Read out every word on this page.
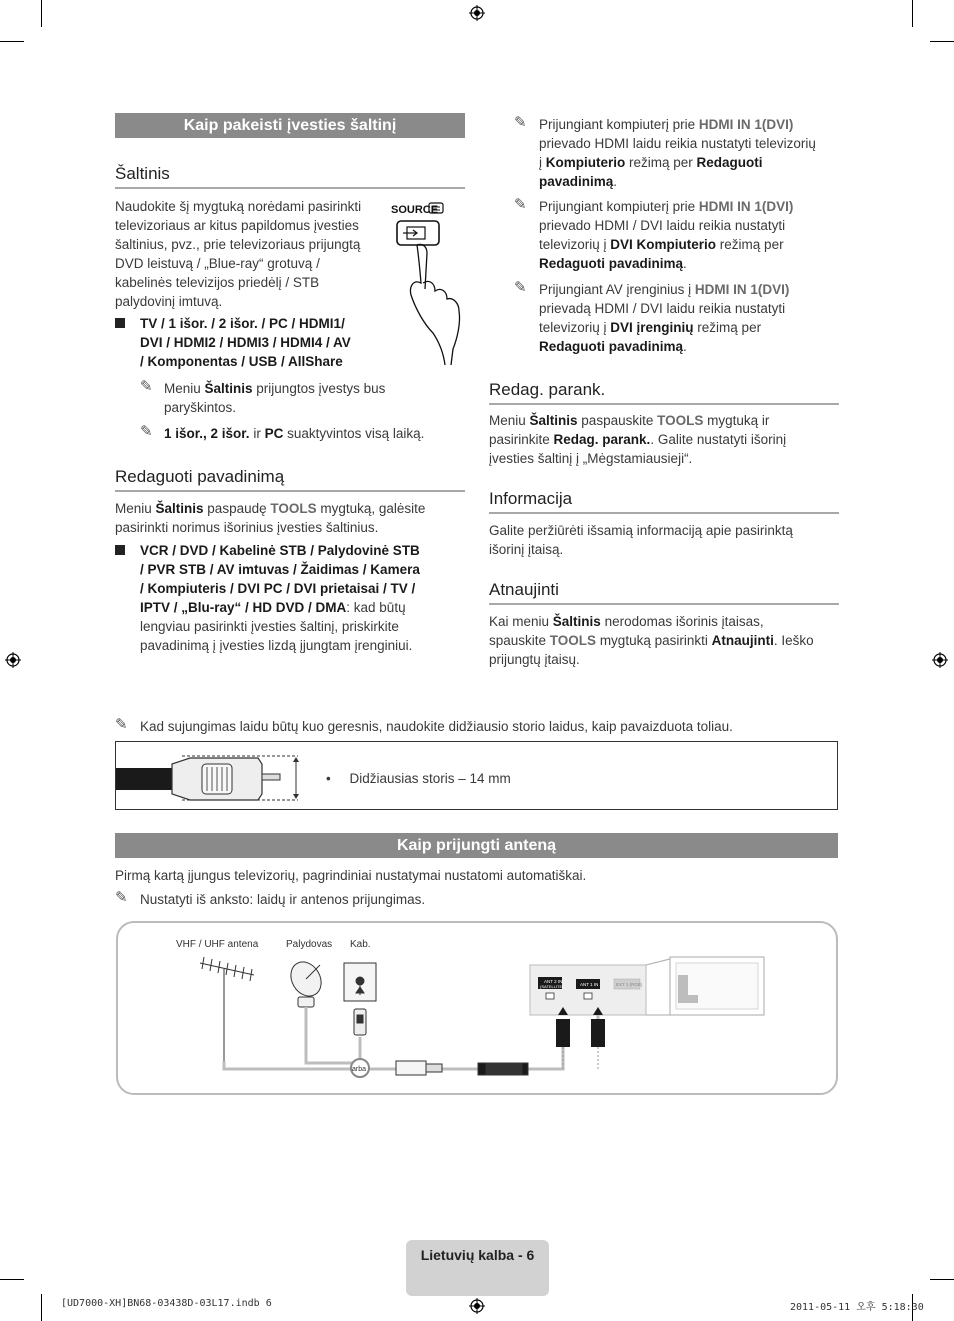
Kaip pakeisti įvesties šaltinį
Šaltinis
Naudokite šį mygtuką norėdami pasirinkti
televizoriaus ar kitus papildomus įvesties
šaltinius, pvz., prie televizoriaus prijungtą
DVD leistuvą / „Blue-ray“ grotuvą /
kabelinės televizijos priedėlį / STB
palydovinį imtuvą.
SOURCE
TV / 1 išor. / 2 išor. / PC / HDMI1/
DVI / HDMI2 / HDMI3 / HDMI4 / AV
/ Komponentas / USB / AllShare
✎ Meniu Šaltinis prijungtos įvestys bus
paryškintos.
✎ 1 išor., 2 išor. ir PC suaktyvintos visą laiką.
Redaguoti pavadinimą
Meniu Šaltinis paspaudę TOOLS mygtuką, galėsite
pasirinkti norimus išorinius įvesties šaltinius.
VCR / DVD / Kabelinė STB / Palydovinė STB
/ PVR STB / AV imtuvas / Žaidimas / Kamera
/ Kompiuteris / DVI PC / DVI prietaisai / TV /
IPTV / „Blu-ray“ / HD DVD / DMA: kad būtų
lengviau pasirinkti įvesties šaltinį, priskirkite
pavadinimą į įvesties lizdą įjungtam įrenginiui.
✎ Prijungiant kompiuterį prie HDMI IN 1(DVI)
prievado HDMI laidu reikia nustatyti televizorių
į Kompiuterio režimą per Redaguoti
pavadinimą.
✎ Prijungiant kompiuterį prie HDMI IN 1(DVI)
prievado HDMI / DVI laidu reikia nustatyti
televizorių į DVI Kompiuterio režimą per
Redaguoti pavadinimą.
✎ Prijungiant AV įrenginius į HDMI IN 1(DVI)
prievadą HDMI / DVI laidu reikia nustatyti
televizorių į DVI įrenginių režimą per
Redaguoti pavadinimą.
Redag. parank.
Meniu Šaltinis paspauskite TOOLS mygtuką ir
pasirinkite Redag. parank.. Galite nustatyti išorinį
įvesties šaltinį į „Mėgstamiausieji“.
Informacija
Galite peržiūrėti išsamią informaciją apie pasirinktą
išorinį įtaisą.
Atnaujinti
Kai meniu Šaltinis nerodomas išorinis įtaisas,
spauskite TOOLS mygtuką pasirinkti Atnaujinti. Ieško
prijungtų įtaisų.
✎ Kad sujungimas laidu būtų kuo geresnis, naudokite didžiausio storio laidus, kaip pavaizduota toliau.
•     Didžiausias storis – 14 mm
Kaip prijungti anteną
Pirmą kartą įjungus televizorių, pagrindiniai nustatymai nustatomi automatiškai.
✎ Nustatyti iš anksto: laidų ir antenos prijungimas.
VHF / UHF antena	Palydovas Kab.
arba
ANT 2 IN
(SATELLITE)	ANT 1 IN	EXT 1 (RGB)
Lietuvių kalba - 6
[UD7000-XH]BN68-03438D-03L17.indb 6	2011-05-11 오후 5:18:30
